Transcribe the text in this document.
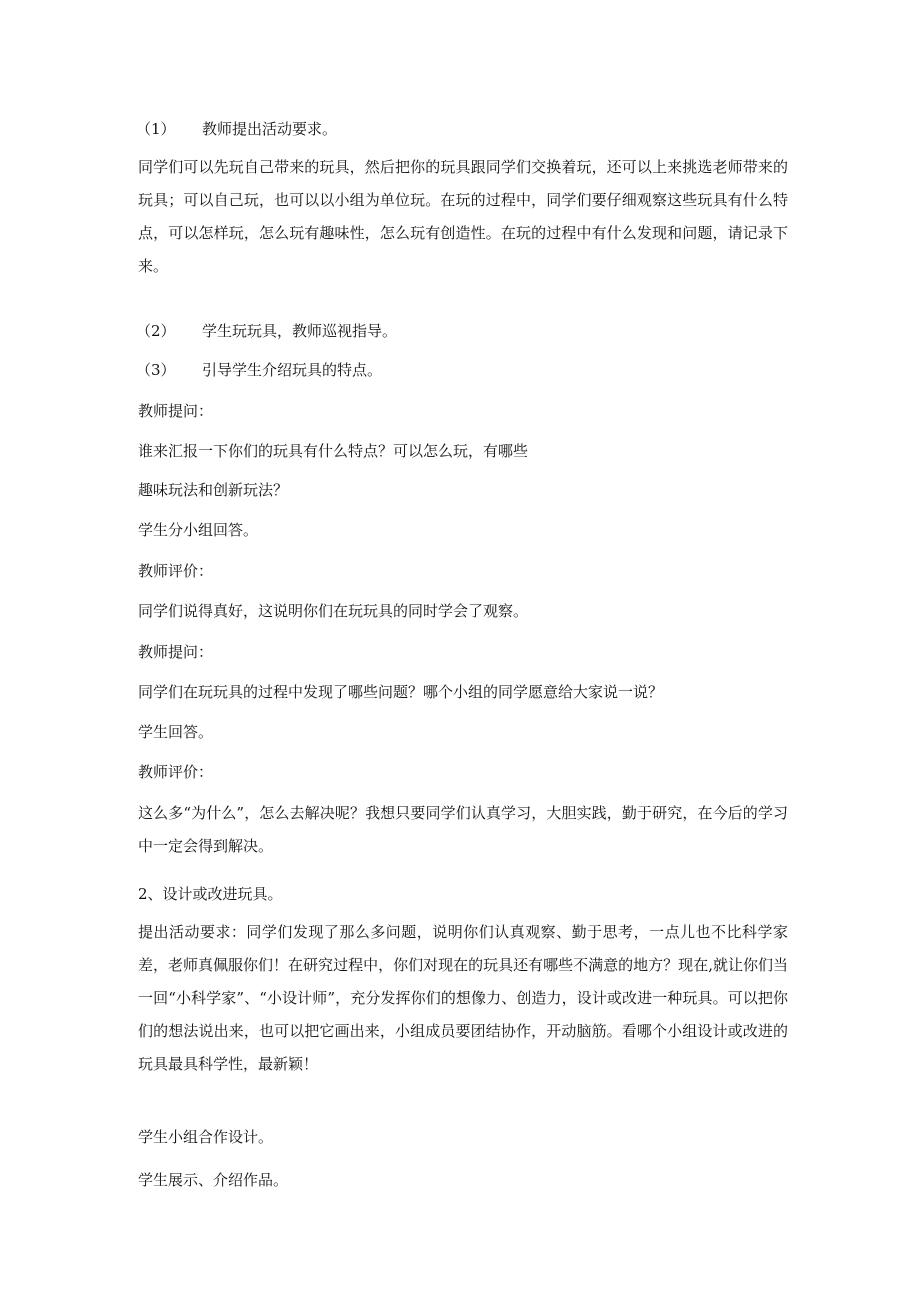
（1） 教师提出活动要求。
同学们可以先玩自己带来的玩具，然后把你的玩具跟同学们交换着玩，还可以上来挑选老师带来的玩具；可以自己玩，也可以以小组为单位玩。在玩的过程中，同学们要仔细观察这些玩具有什么特点，可以怎样玩，怎么玩有趣味性，怎么玩有创造性。在玩的过程中有什么发现和问题，请记录下来。
（2） 学生玩玩具，教师巡视指导。
（3） 引导学生介绍玩具的特点。
教师提问：
谁来汇报一下你们的玩具有什么特点？可以怎么玩，有哪些
趣味玩法和创新玩法？
学生分小组回答。
教师评价：
同学们说得真好，这说明你们在玩玩具的同时学会了观察。
教师提问：
同学们在玩玩具的过程中发现了哪些问题？哪个小组的同学愿意给大家说一说？
学生回答。
教师评价：
这么多“为什么”，怎么去解决呢？我想只要同学们认真学习，大胆实践，勤于研究，在今后的学习中一定会得到解决。
2、设计或改进玩具。
提出活动要求：同学们发现了那么多问题，说明你们认真观察、勤于思考，一点儿也不比科学家差，老师真佩服你们！在研究过程中，你们对现在的玩具还有哪些不满意的地方？现在,就让你们当一回“小科学家”、“小设计师”，充分发挥你们的想像力、创造力，设计或改进一种玩具。可以把你们的想法说出来，也可以把它画出来，小组成员要团结协作，开动脑筋。看哪个小组设计或改进的玩具最具科学性，最新颖！
学生小组合作设计。
学生展示、介绍作品。
